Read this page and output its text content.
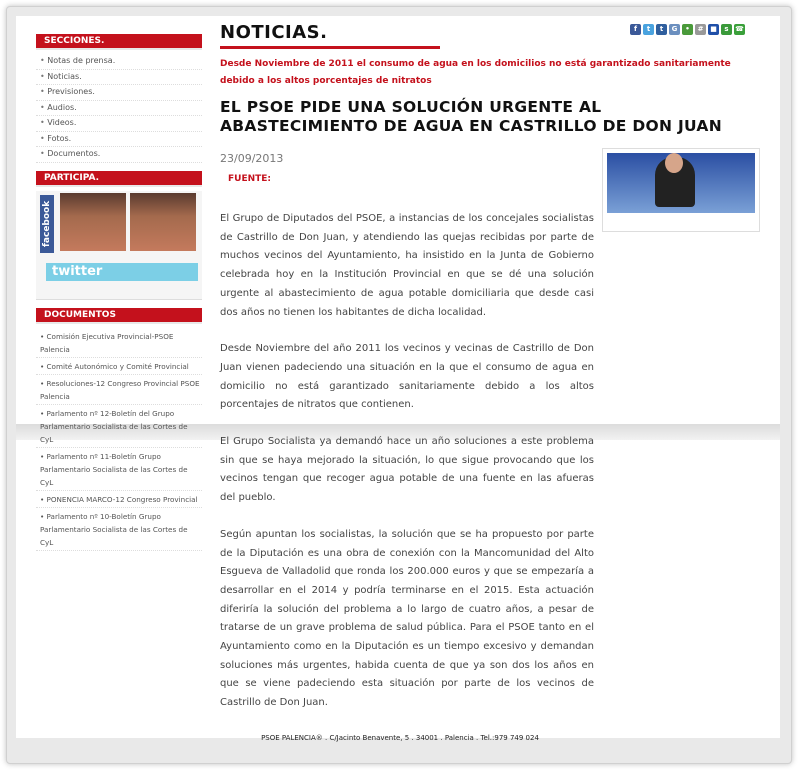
SECCIONES.
• Notas de prensa.
• Noticias.
• Previsiones.
• Audios.
• Videos.
• Fotos.
• Documentos.
PARTICIPA.
facebook
twitter
DOCUMENTOS
• Comisión Ejecutiva Provincial-PSOE Palencia
• Comité Autonómico y Comité Provincial
• Resoluciones-12 Congreso Provincial PSOE Palencia
• Parlamento nº 12-Boletín del Grupo Parlamentario Socialista de las Cortes de CyL
• Parlamento nº 11-Boletín Grupo Parlamentario Socialista de las Cortes de CyL
• PONENCIA MARCO-12 Congreso Provincial
• Parlamento nº 10-Boletín Grupo Parlamentario Socialista de las Cortes de CyL
NOTICIAS.	f	t	t	G	•	# ■	s ☎
Desde Noviembre de 2011 el consumo de agua en los domicilios no está garantizado sanitariamente debido a los altos porcentajes de nitratos
EL PSOE PIDE UNA SOLUCIÓN URGENTE AL ABASTECIMIENTO DE AGUA EN CASTRILLO DE DON JUAN
23/09/2013
FUENTE:

El Grupo de Diputados del PSOE, a instancias de los concejales socialistas de Castrillo de Don Juan, y atendiendo las quejas recibidas por parte de muchos vecinos del Ayuntamiento, ha insistido en la Junta de Gobierno celebrada hoy en la Institución Provincial en que se dé una solución urgente al abastecimiento de agua potable domiciliaria que desde casi dos años no tienen los habitantes de dicha localidad.

Desde Noviembre del año 2011 los vecinos y vecinas de Castrillo de Don Juan vienen padeciendo una situación en la que el consumo de agua en domicilio no está garantizado sanitariamente debido a los altos porcentajes de nitratos que contienen.

El Grupo Socialista ya demandó hace un año soluciones a este problema sin que se haya mejorado la situación, lo que sigue provocando que los vecinos tengan que recoger agua potable de una fuente en las afueras del pueblo.

Según apuntan los socialistas, la solución que se ha propuesto por parte de la Diputación es una obra de conexión con la Mancomunidad del Alto Esgueva de Valladolid que ronda los 200.000 euros y que se empezaría a desarrollar en el 2014 y podría terminarse en el 2015. Esta actuación diferiría la solución del problema a lo largo de cuatro años, a pesar de tratarse de un grave problema de salud pública. Para el PSOE tanto en el Ayuntamiento como en la Diputación es un tiempo excesivo y demandan soluciones más urgentes, habida cuenta de que ya son dos los años en que se viene padeciendo esta situación por parte de los vecinos de Castrillo de Don Juan.

PSOE PALENCIA® . C/Jacinto Benavente, 5 . 34001 . Palencia . Tel.:979 749 024
